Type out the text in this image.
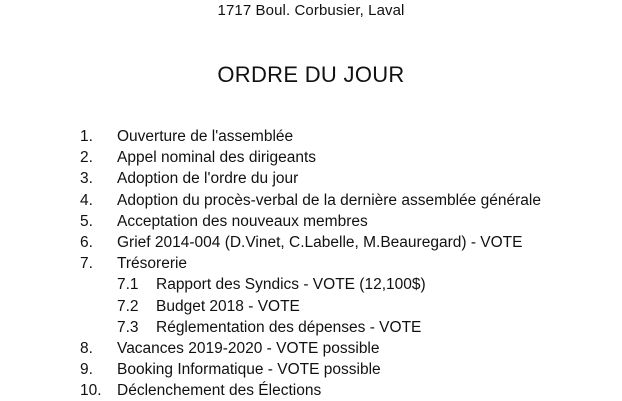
1717 Boul. Corbusier, Laval
ORDRE DU JOUR
1. Ouverture de l'assemblée
2. Appel nominal des dirigeants
3. Adoption de l'ordre du jour
4. Adoption du procès-verbal de la dernière assemblée générale
5. Acceptation des nouveaux membres
6. Grief 2014-004 (D.Vinet, C.Labelle, M.Beauregard) - VOTE
7. Trésorerie
7.1 Rapport des Syndics - VOTE (12,100$)
7.2 Budget 2018 - VOTE
7.3 Réglementation des dépenses - VOTE
8. Vacances 2019-2020 - VOTE possible
9. Booking Informatique - VOTE possible
10. Déclenchement des Élections
